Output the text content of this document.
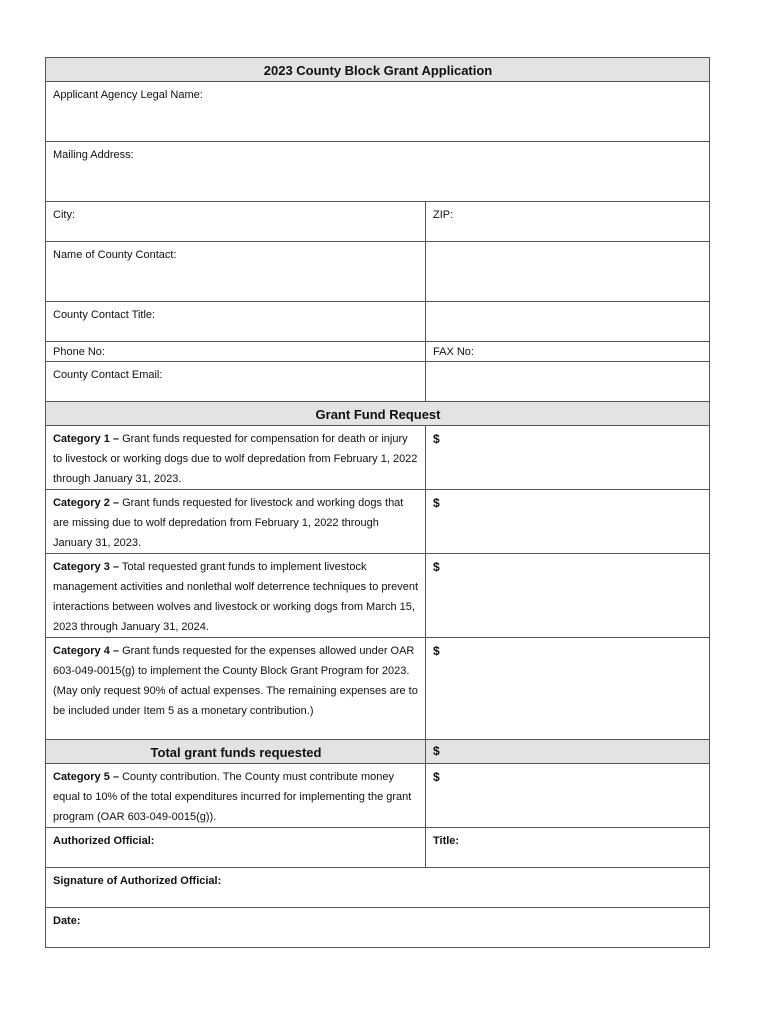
2023 County Block Grant Application	
Applicant Agency Legal Name:	
Mailing Address:	
City:	ZIP:
Name of County Contact:	
County Contact Title:	
Phone No:	FAX No:
County Contact Email:	
Grant Fund Request	
Category 1 – Grant funds requested for compensation for death or injury to livestock or working dogs due to wolf depredation from February 1, 2022 through January 31, 2023.	$
Category 2 – Grant funds requested for livestock and working dogs that are missing due to wolf depredation from February 1, 2022 through January 31, 2023.	$
Category 3 – Total requested grant funds to implement livestock management activities and nonlethal wolf deterrence techniques to prevent interactions between wolves and livestock or working dogs from March 15, 2023 through January 31, 2024.	$
Category 4 – Grant funds requested for the expenses allowed under OAR 603-049-0015(g) to implement the County Block Grant Program for 2023. (May only request 90% of actual expenses. The remaining expenses are to be included under Item 5 as a monetary contribution.)	$
Total grant funds requested	$
Category 5 – County contribution. The County must contribute money equal to 10% of the total expenditures incurred for implementing the grant program (OAR 603-049-0015(g)).	$
Authorized Official:	Title:
Signature of Authorized Official:	
Date:	
